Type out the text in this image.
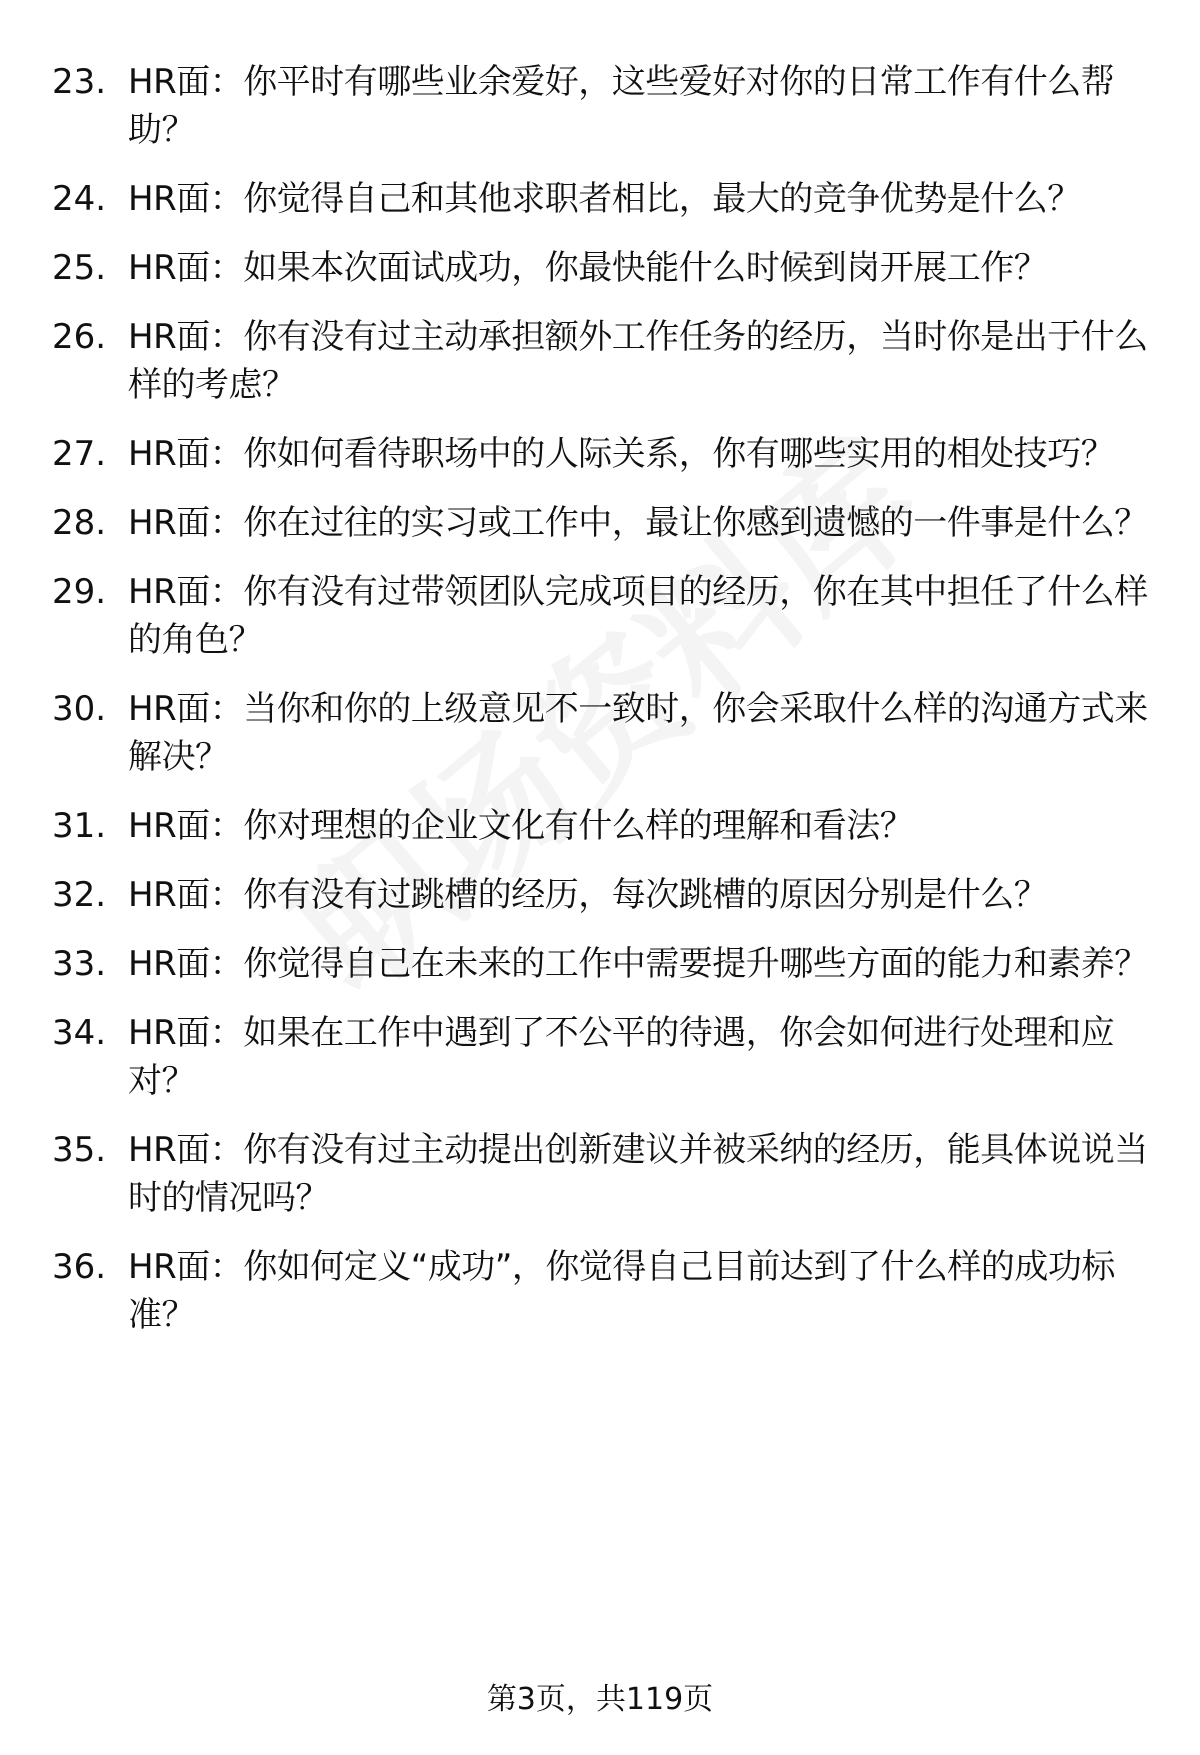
23. HR面：你平时有哪些业余爱好，这些爱好对你的日常工作有什么帮助？
24. HR面：你觉得自己和其他求职者相比，最大的竞争优势是什么？
25. HR面：如果本次面试成功，你最快能什么时候到岗开展工作？
26. HR面：你有没有过主动承担额外工作任务的经历，当时你是出于什么样的考虑？
27. HR面：你如何看待职场中的人际关系，你有哪些实用的相处技巧？
28. HR面：你在过往的实习或工作中，最让你感到遗憾的一件事是什么？
29. HR面：你有没有过带领团队完成项目的经历，你在其中担任了什么样的角色？
30. HR面：当你和你的上级意见不一致时，你会采取什么样的沟通方式来解决？
31. HR面：你对理想的企业文化有什么样的理解和看法？
32. HR面：你有没有过跳槽的经历，每次跳槽的原因分别是什么？
33. HR面：你觉得自己在未来的工作中需要提升哪些方面的能力和素养？
34. HR面：如果在工作中遇到了不公平的待遇，你会如何进行处理和应对？
35. HR面：你有没有过主动提出创新建议并被采纳的经历，能具体说说当时的情况吗？
36. HR面：你如何定义“成功”，你觉得自己目前达到了什么样的成功标准？
第3页，共119页
